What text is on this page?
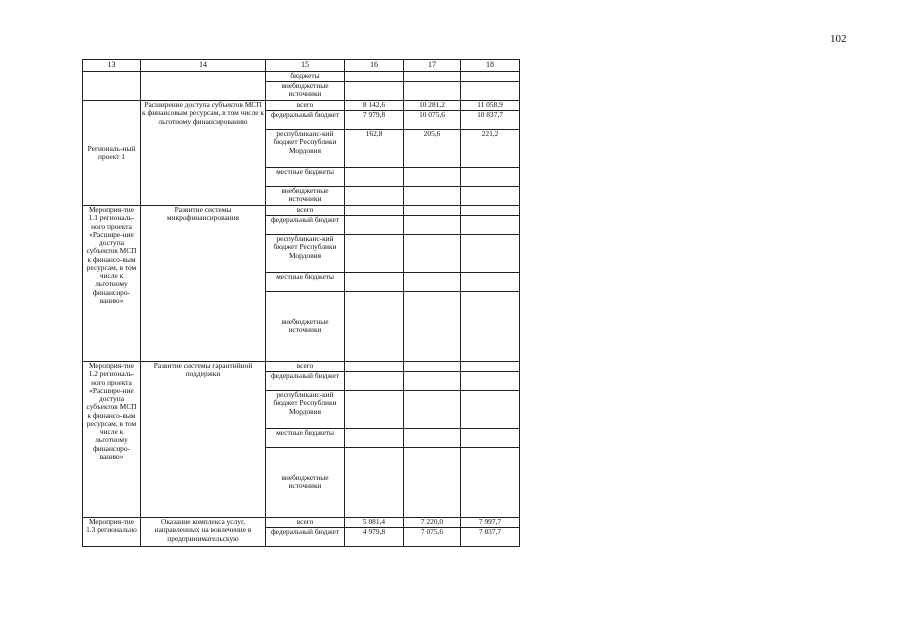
102
13	14	15	16	17	18
		бюджеты			
		внебюджетные источники			
Региональ-ный проект 1	Расширение доступа субъектов МСП к финансовым ресурсам, в том числе к льготному финансированию	всего	8 142,6	10 281,2	11 058,9
		федеральный бюджет	7 979,8	10 075,6	10 837,7
		республиканс-кий бюджет Республики Мордовия	162,8	205,6	221,2
		местные бюджеты			
		внебюджетные источники			
Мероприя-тие 1.1 региональ-ного проекта «Расшире-ние доступа субъектов МСП к финансо-вым ресурсам, в том числе к льготному финансиро-ванию»	Развитие системы микрофинансирования	всего			
		федеральный бюджет			
		республиканс-кий бюджет Республики Мордовия			
		местные бюджеты			
		внебюджетные источники			
Мероприя-тие 1.2 региональ-ного проекта «Расшире-ние доступа субъектов МСП к финансо-вым ресурсам, в том числе к льготному финансиро-ванию»	Развитие системы гарантийной поддержки	всего			
		федеральный бюджет			
		республиканс-кий бюджет Республики Мордовия			
		местные бюджеты			
		внебюджетные источники			
Мероприя-тие 1.3 регионально	Оказание комплекса услуг, направленных на вовлечение в предпринимательскую	всего	5 081,4	7 220,0	7 997,7
		федеральный бюджет	4 979,8	7 075,6	7 837,7
